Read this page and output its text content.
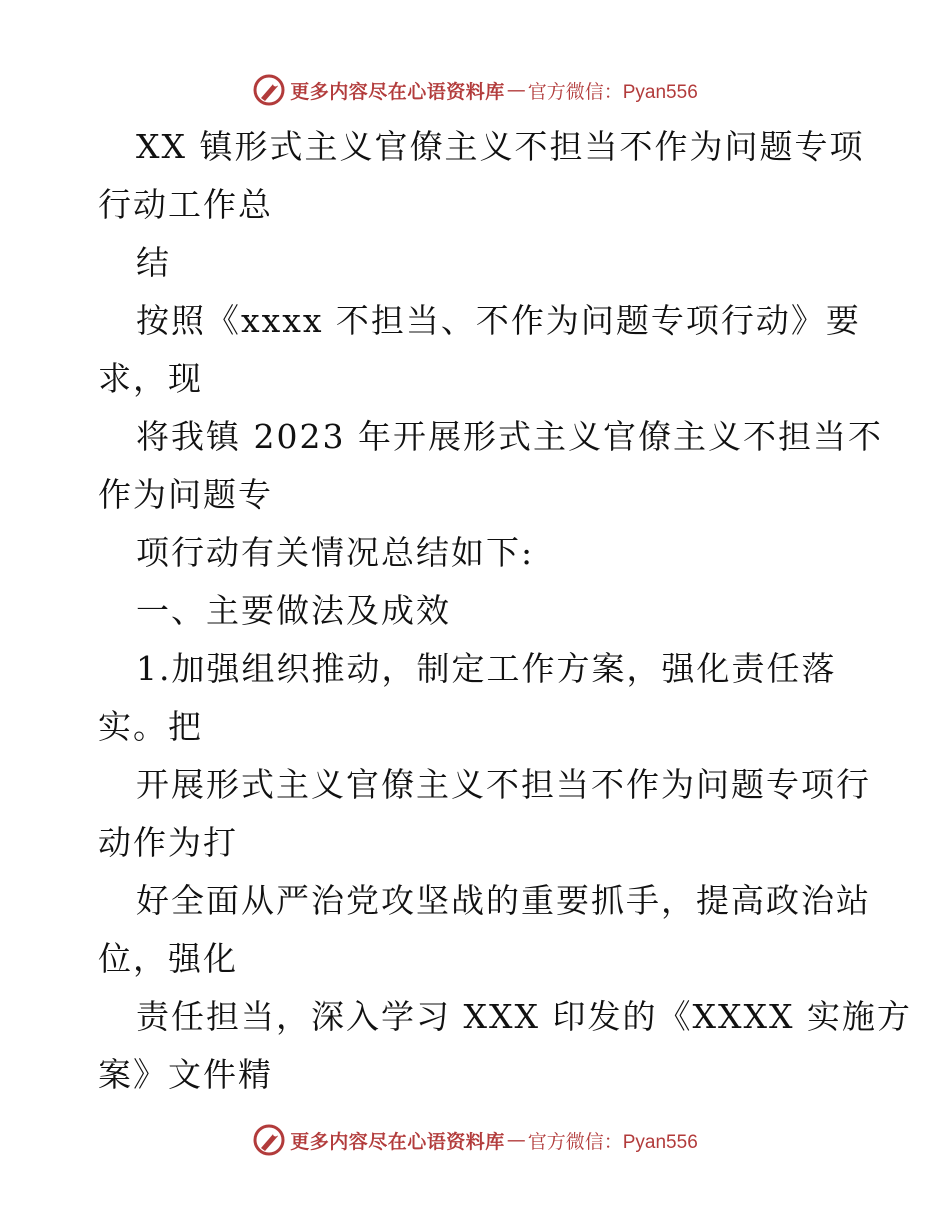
更多内容尽在心语资料库 — 官方微信：Pyan556
XX 镇形式主义官僚主义不担当不作为问题专项
行动工作总
结
按照《xxxx 不担当、不作为问题专项行动》要
求，现
将我镇 2023 年开展形式主义官僚主义不担当不
作为问题专
项行动有关情况总结如下:
一、主要做法及成效
1.加强组织推动，制定工作方案，强化责任落
实。把
开展形式主义官僚主义不担当不作为问题专项行
动作为打
好全面从严治党攻坚战的重要抓手，提高政治站
位，强化
责任担当，深入学习 XXX 印发的《XXXX 实施方
案》文件精
更多内容尽在心语资料库 — 官方微信：Pyan556
